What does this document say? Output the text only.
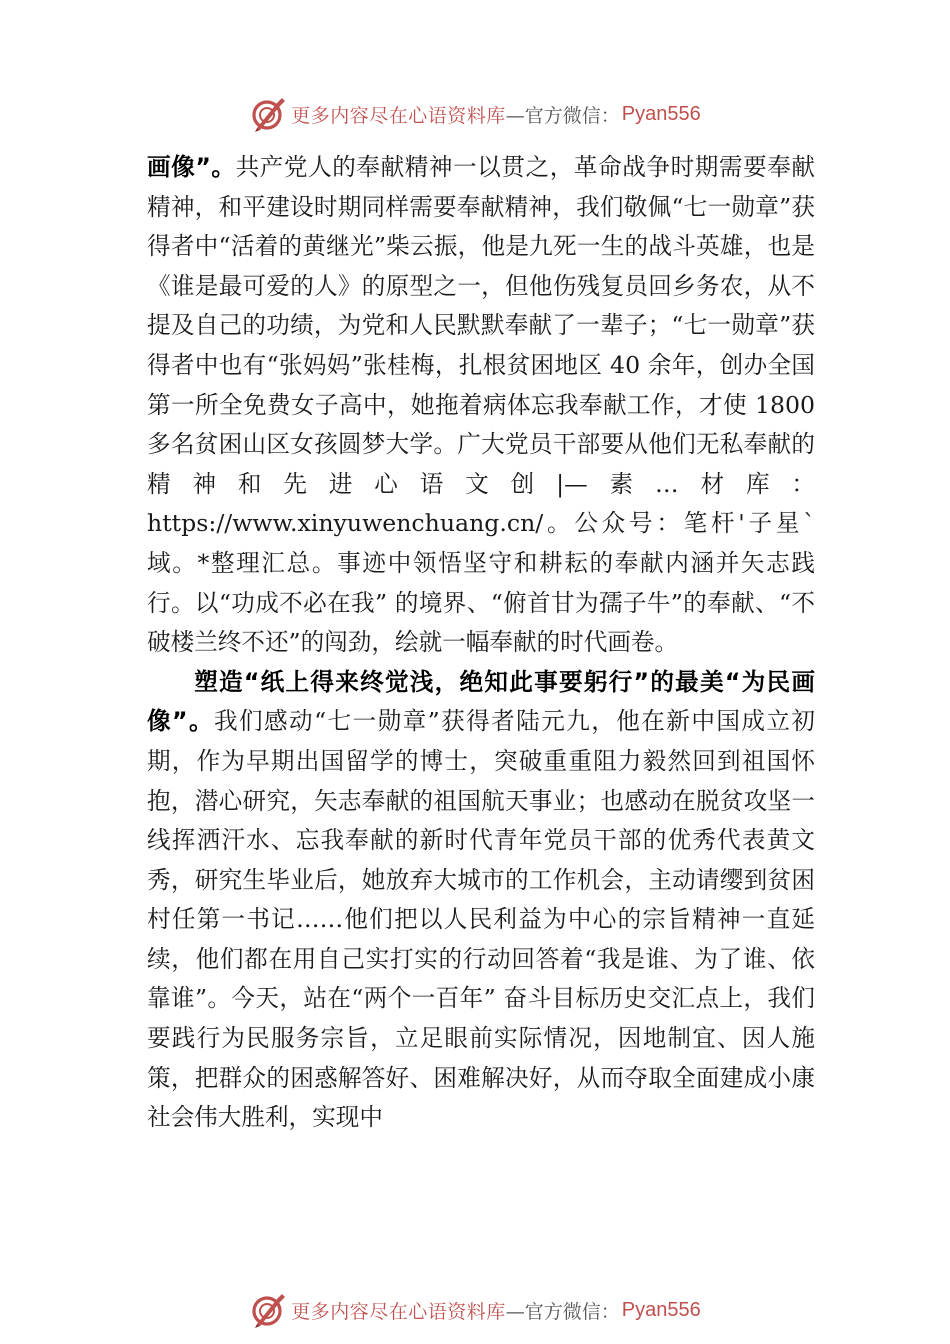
更多内容尽在心语资料库 —官方微信： Pyan556

画像”。共产党人的奉献精神一以贯之，革命战争时期需要奉献精神，和平建设时期同样需要奉献精神，我们敬佩“七一勋章”获得者中“活着的黄继光”柴云振，他是九死一生的战斗英雄，也是《谁是最可爱的人》的原型之一，但他伤残复员回乡务农，从不提及自己的功绩，为党和人民默默奉献了一辈子；“七一勋章”获得者中也有“张妈妈”张桂梅，扎根贫困地区 40 余年，创办全国第一所全免费女子高中，她拖着病体忘我奉献工作，才使 1800 多名贫困山区女孩圆梦大学。广大党员干部要从他们无私奉献的精神和先进心语文创|—素…材库：https://www.xinyuwenchuang.cn/。公众号：笔杆'子星`域。*整理汇总。事迹中领悟坚守和耕耘的奉献内涵并矢志践行。以“功成不必在我” 的境界、“俯首甘为孺子牛”的奉献、“不破楼兰终不还”的闯劲，绘就一幅奉献的时代画卷。

塑造“纸上得来终觉浅，绝知此事要躬行”的最美“为民画像”。我们感动“七一勋章”获得者陆元九，他在新中国成立初期，作为早期出国留学的博士，突破重重阻力毅然回到祖国怀抱，潜心研究，矢志奉献的祖国航天事业；也感动在脱贫攻坚一线挥洒汗水、忘我奉献的新时代青年党员干部的优秀代表黄文秀，研究生毕业后，她放弃大城市的工作机会，主动请缨到贫困村任第一书记……他们把以人民利益为中心的宗旨精神一直延续，他们都在用自己实打实的行动回答着“我是谁、为了谁、依靠谁”。今天，站在“两个一百年” 奋斗目标历史交汇点上，我们要践行为民服务宗旨，立足眼前实际情况，因地制宜、因人施策，把群众的困惑解答好、困难解决好，从而夺取全面建成小康社会伟大胜利，实现中

更多内容尽在心语资料库 —官方微信： Pyan556
